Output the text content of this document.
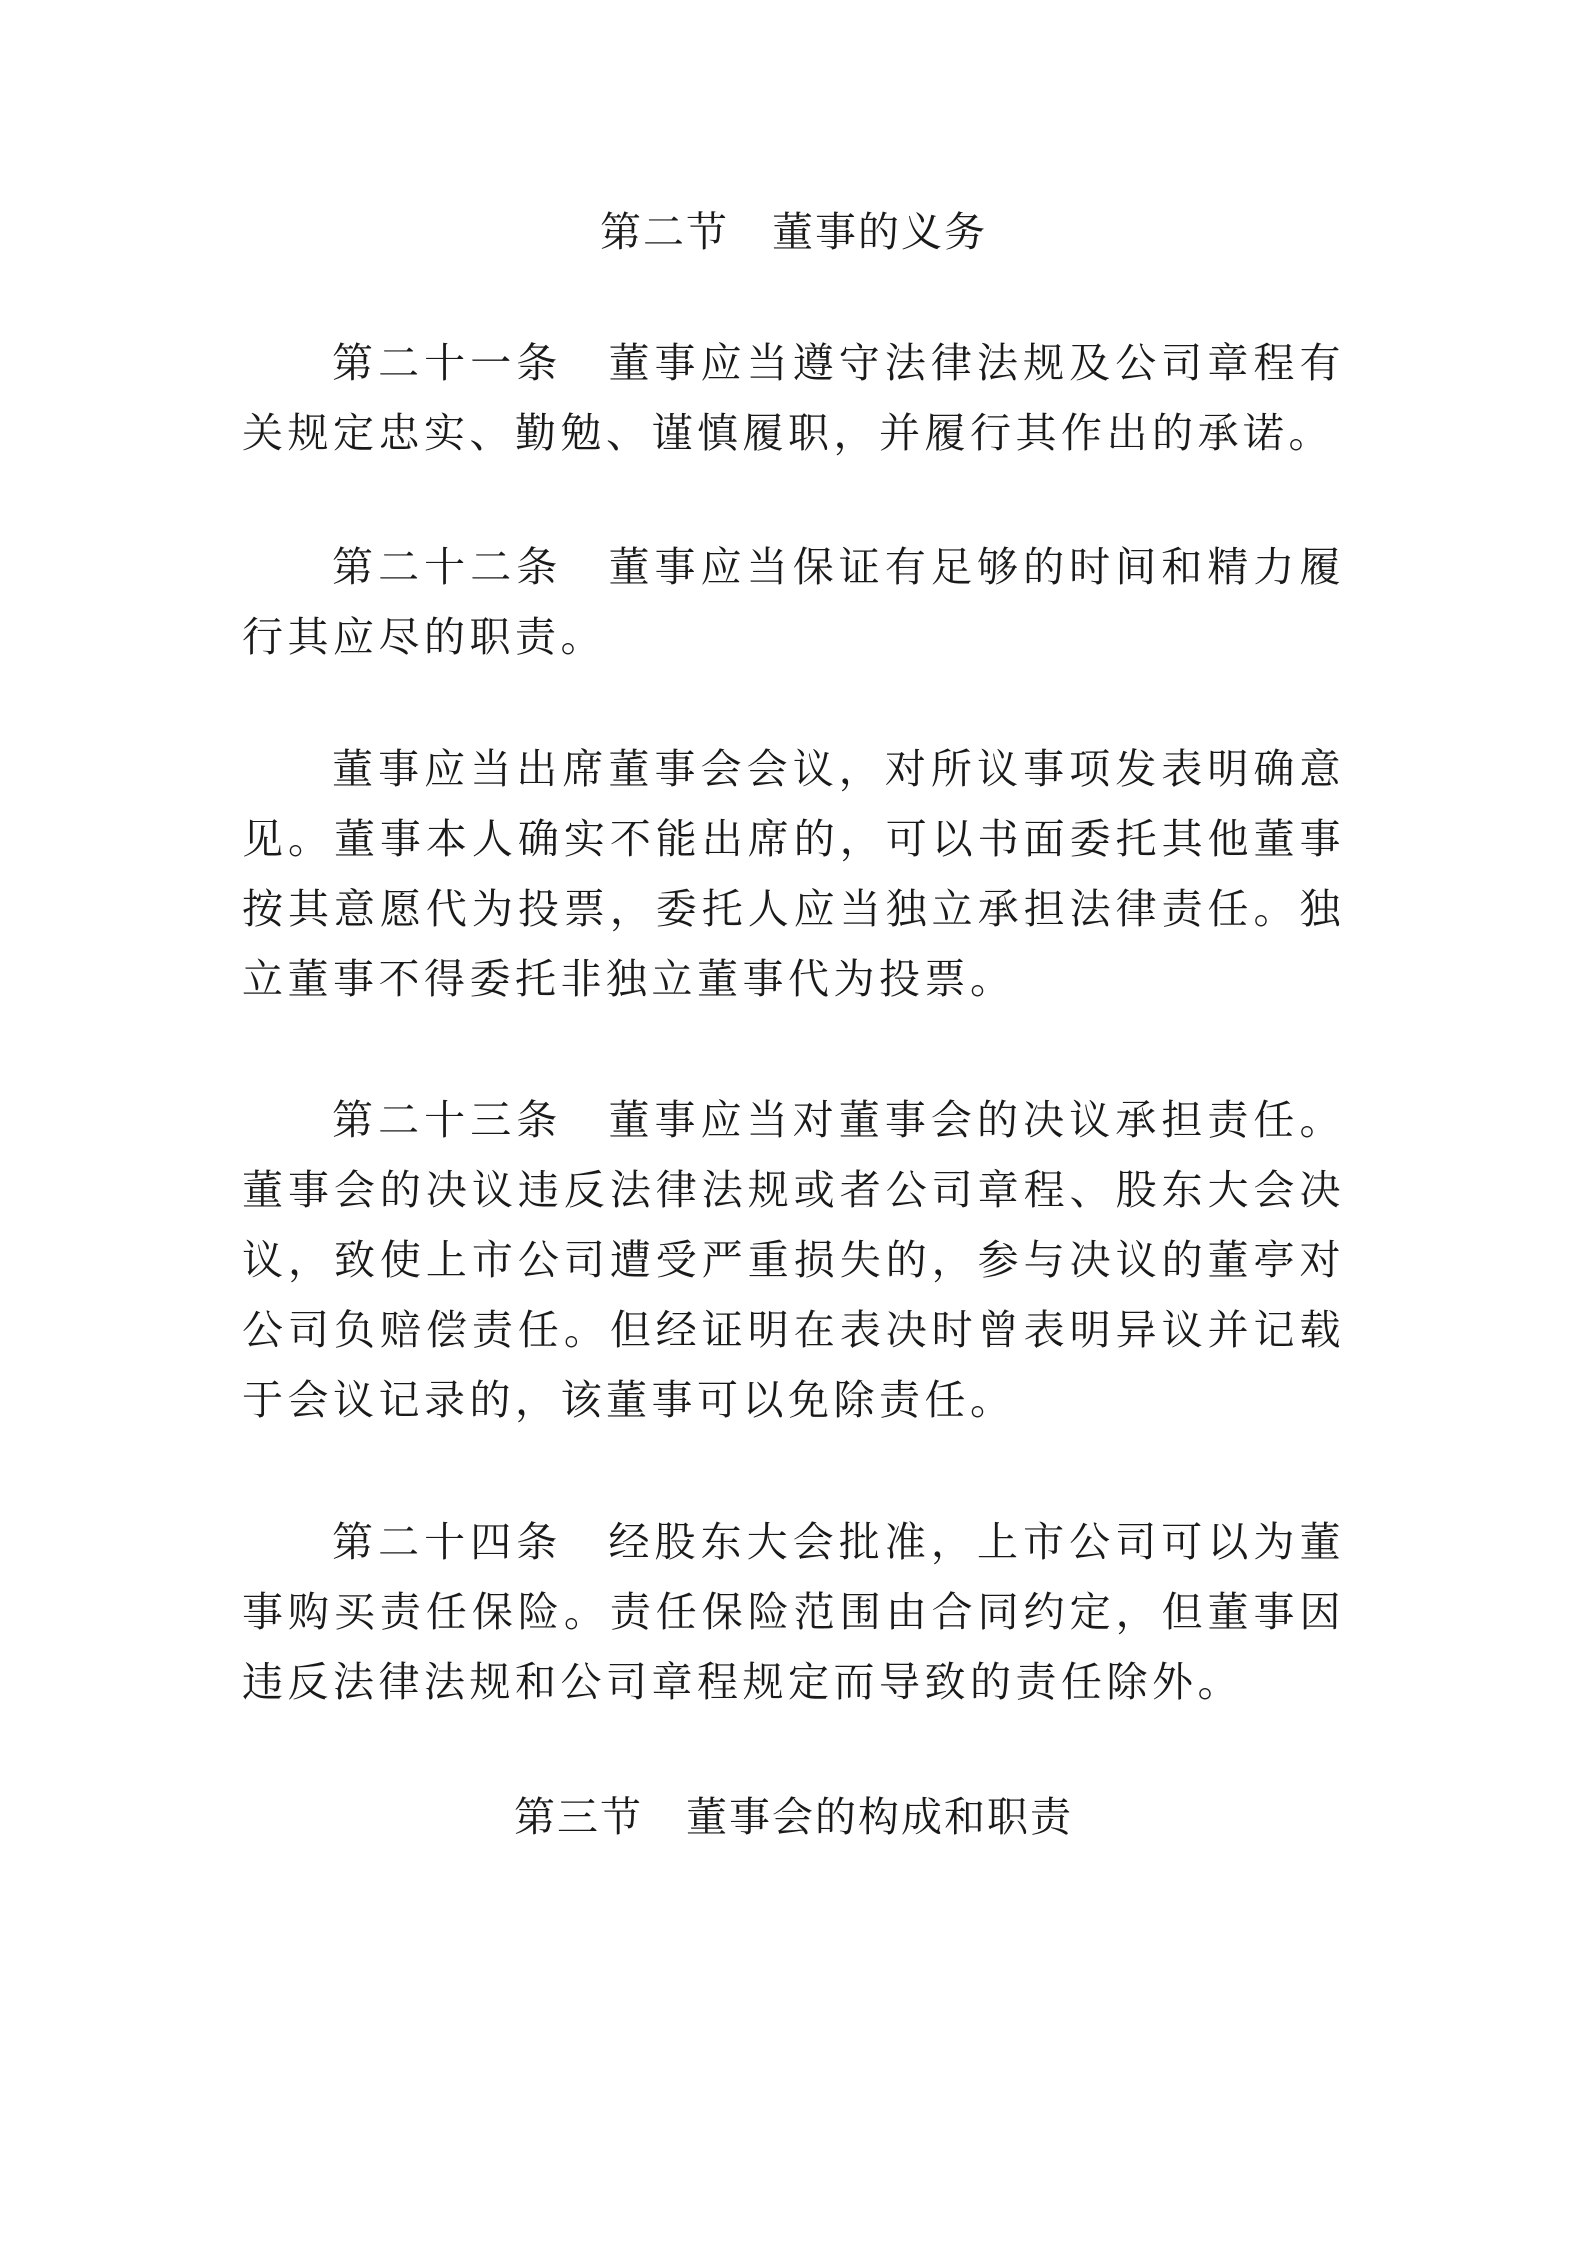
第二节　董事的义务

第二十一条　董事应当遵守法律法规及公司章程有关规定忠实、勤勉、谨慎履职，并履行其作出的承诺。

第二十二条　董事应当保证有足够的时间和精力履行其应尽的职责。

董事应当出席董事会会议，对所议事项发表明确意见。董事本人确实不能出席的，可以书面委托其他董事按其意愿代为投票，委托人应当独立承担法律责任。独立董事不得委托非独立董事代为投票。

第二十三条　董事应当对董事会的决议承担责任。董事会的决议违反法律法规或者公司章程、股东大会决议，致使上市公司遭受严重损失的，参与决议的董亭对公司负赔偿责任。但经证明在表决时曾表明异议并记载于会议记录的，该董事可以免除责任。

第二十四条　经股东大会批准，上市公司可以为董事购买责任保险。责任保险范围由合同约定，但董事因违反法律法规和公司章程规定而导致的责任除外。

第三节　董事会的构成和职责
